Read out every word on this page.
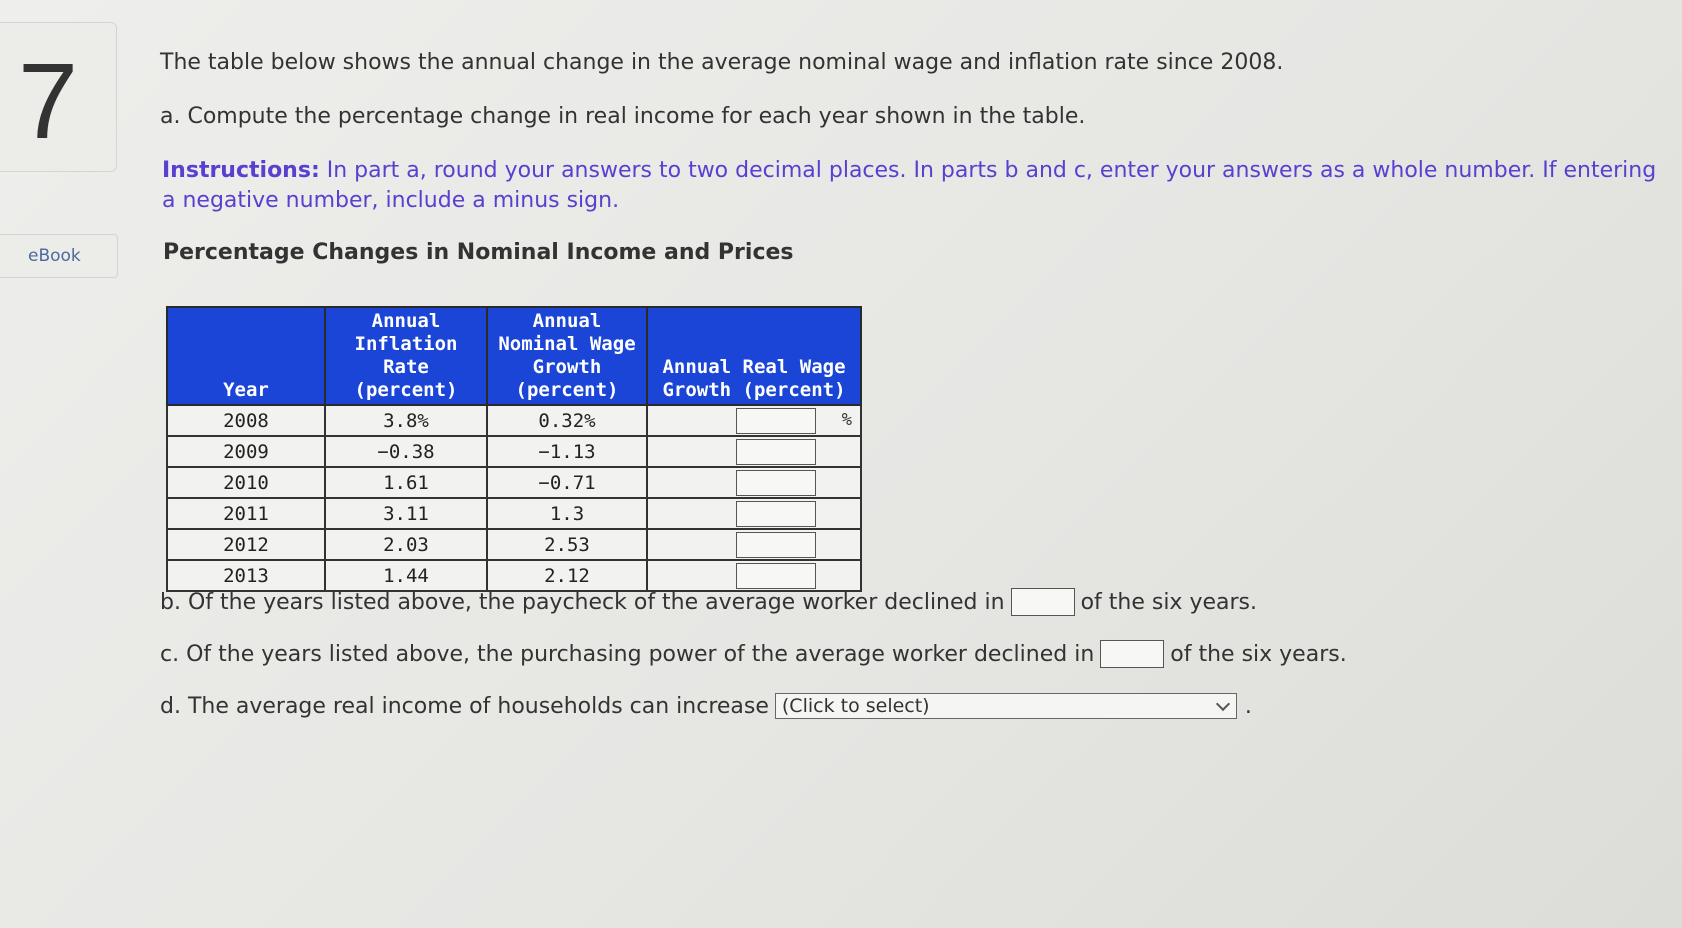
7
eBook

The table below shows the annual change in the average nominal wage and inflation rate since 2008.

a. Compute the percentage change in real income for each year shown in the table.

Instructions: In part a, round your answers to two decimal places. In parts b and c, enter your answers as a whole number. If entering a negative number, include a minus sign.

Percentage Changes in Nominal Income and Prices
Year	Annual
Inflation
Rate
(percent)	Annual
Nominal Wage
Growth
(percent)	Annual Real Wage
Growth (percent)

2008	3.8%	0.32%	%

2009	−0.38	−1.13	

2010	1.61	−0.71	

2011	3.11	1.3	

2012	2.03	2.53	

2013	1.44	2.12	
b. Of the years listed above, the paycheck of the average worker declined in	of the six years.
c. Of the years listed above, the purchasing power of the average worker declined in	of the six years.
d. The average real income of households can increase (Click to select)	.
